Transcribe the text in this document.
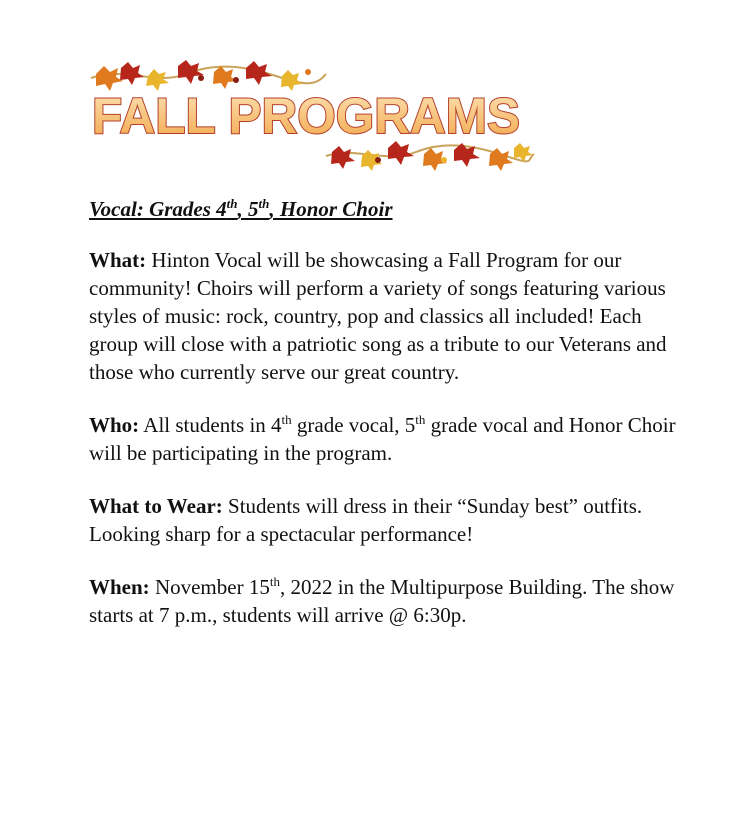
FALL PROGRAMS
Vocal: Grades 4th, 5th, Honor Choir

What: Hinton Vocal will be showcasing a Fall Program for our community! Choirs will perform a variety of songs featuring various styles of music: rock, country, pop and classics all included! Each group will close with a patriotic song as a tribute to our Veterans and those who currently serve our great country.

Who: All students in 4th grade vocal, 5th grade vocal and Honor Choir will be participating in the program.

What to Wear: Students will dress in their “Sunday best” outfits. Looking sharp for a spectacular performance!

When: November 15th, 2022 in the Multipurpose Building. The show starts at 7 p.m., students will arrive @ 6:30p.
